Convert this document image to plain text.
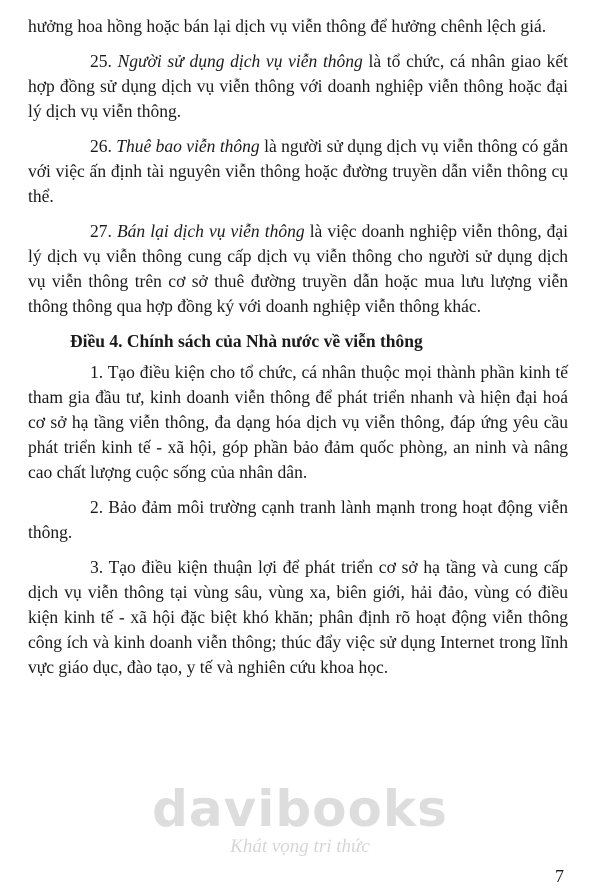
hưởng hoa hồng hoặc bán lại dịch vụ viễn thông để hưởng chênh lệch giá.

25. Người sử dụng dịch vụ viễn thông là tổ chức, cá nhân giao kết hợp đồng sử dụng dịch vụ viễn thông với doanh nghiệp viễn thông hoặc đại lý dịch vụ viễn thông.

26. Thuê bao viễn thông là người sử dụng dịch vụ viễn thông có gắn với việc ấn định tài nguyên viễn thông hoặc đường truyền dẫn viễn thông cụ thể.

27. Bán lại dịch vụ viễn thông là việc doanh nghiệp viễn thông, đại lý dịch vụ viễn thông cung cấp dịch vụ viễn thông cho người sử dụng dịch vụ viễn thông trên cơ sở thuê đường truyền dẫn hoặc mua lưu lượng viễn thông thông qua hợp đồng ký với doanh nghiệp viễn thông khác.

Điều 4. Chính sách của Nhà nước về viễn thông

1. Tạo điều kiện cho tổ chức, cá nhân thuộc mọi thành phần kinh tế tham gia đầu tư, kinh doanh viễn thông để phát triển nhanh và hiện đại hoá cơ sở hạ tầng viễn thông, đa dạng hóa dịch vụ viễn thông, đáp ứng yêu cầu phát triển kinh tế - xã hội, góp phần bảo đảm quốc phòng, an ninh và nâng cao chất lượng cuộc sống của nhân dân.

2. Bảo đảm môi trường cạnh tranh lành mạnh trong hoạt động viễn thông.

3. Tạo điều kiện thuận lợi để phát triển cơ sở hạ tầng và cung cấp dịch vụ viễn thông tại vùng sâu, vùng xa, biên giới, hải đảo, vùng có điều kiện kinh tế - xã hội đặc biệt khó khăn; phân định rõ hoạt động viễn thông công ích và kinh doanh viễn thông; thúc đẩy việc sử dụng Internet trong lĩnh vực giáo dục, đào tạo, y tế và nghiên cứu khoa học.

davibooks
Khát vọng tri thức
7
